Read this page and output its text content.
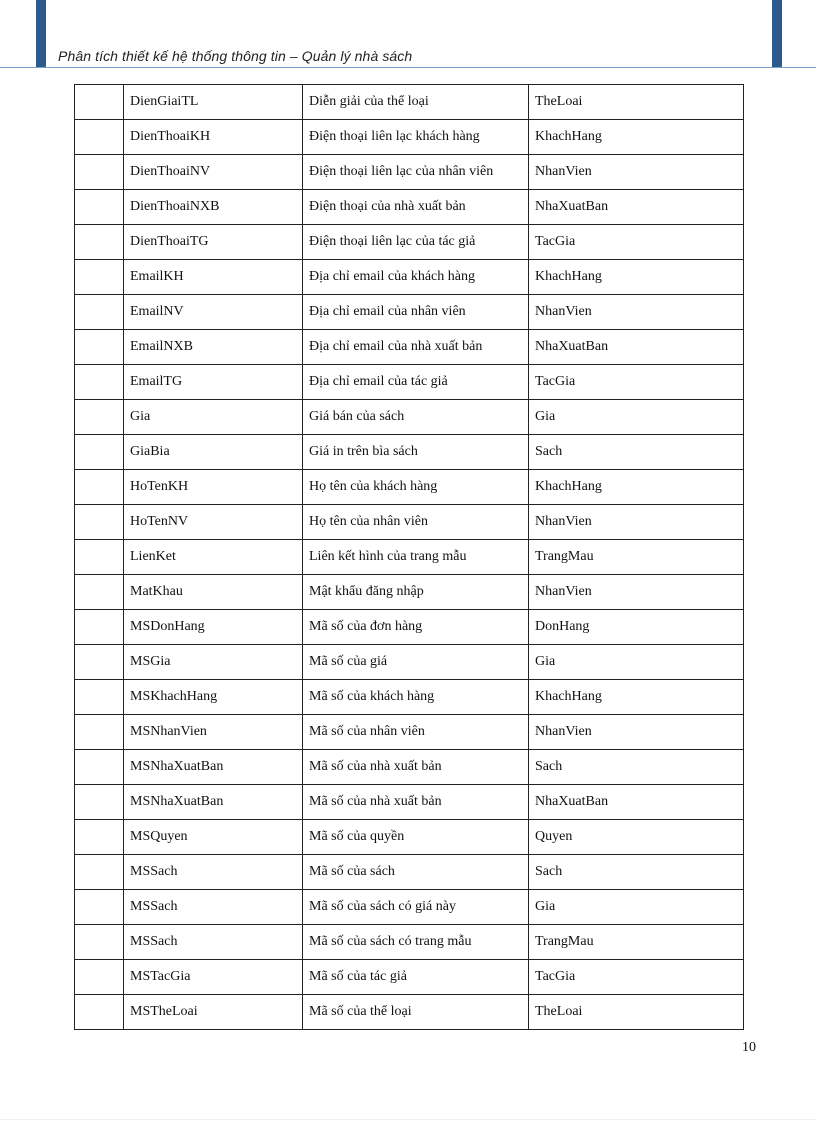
Phân tích thiết kế hệ thống thông tin – Quản lý nhà sách
	DienGiaiTL	Diễn giải của thể loại	TheLoai
	DienThoaiKH	Điện thoại liên lạc khách hàng	KhachHang
	DienThoaiNV	Điện thoại liên lạc của nhân viên	NhanVien
	DienThoaiNXB	Điện thoại của nhà xuất bản	NhaXuatBan
	DienThoaiTG	Điện thoại liên lạc của tác giả	TacGia
	EmailKH	Địa chỉ email của khách hàng	KhachHang
	EmailNV	Địa chỉ email của nhân viên	NhanVien
	EmailNXB	Địa chỉ email của nhà xuất bản	NhaXuatBan
	EmailTG	Địa chỉ email của tác giả	TacGia
	Gia	Giá bán của sách	Gia
	GiaBia	Giá in trên bìa sách	Sach
	HoTenKH	Họ tên của khách hàng	KhachHang
	HoTenNV	Họ tên của nhân viên	NhanVien
	LienKet	Liên kết hình của trang mẫu	TrangMau
	MatKhau	Mật khẩu đăng nhập	NhanVien
	MSDonHang	Mã số của đơn hàng	DonHang
	MSGia	Mã số của giá	Gia
	MSKhachHang	Mã số của khách hàng	KhachHang
	MSNhanVien	Mã số của nhân viên	NhanVien
	MSNhaXuatBan	Mã số của nhà xuất bản	Sach
	MSNhaXuatBan	Mã số của nhà xuất bản	NhaXuatBan
	MSQuyen	Mã số của quyền	Quyen
	MSSach	Mã số của sách	Sach
	MSSach	Mã số của sách có giá này	Gia
	MSSach	Mã số của sách có trang mẫu	TrangMau
	MSTacGia	Mã số của tác giả	TacGia
	MSTheLoai	Mã số của thể loại	TheLoai
10
